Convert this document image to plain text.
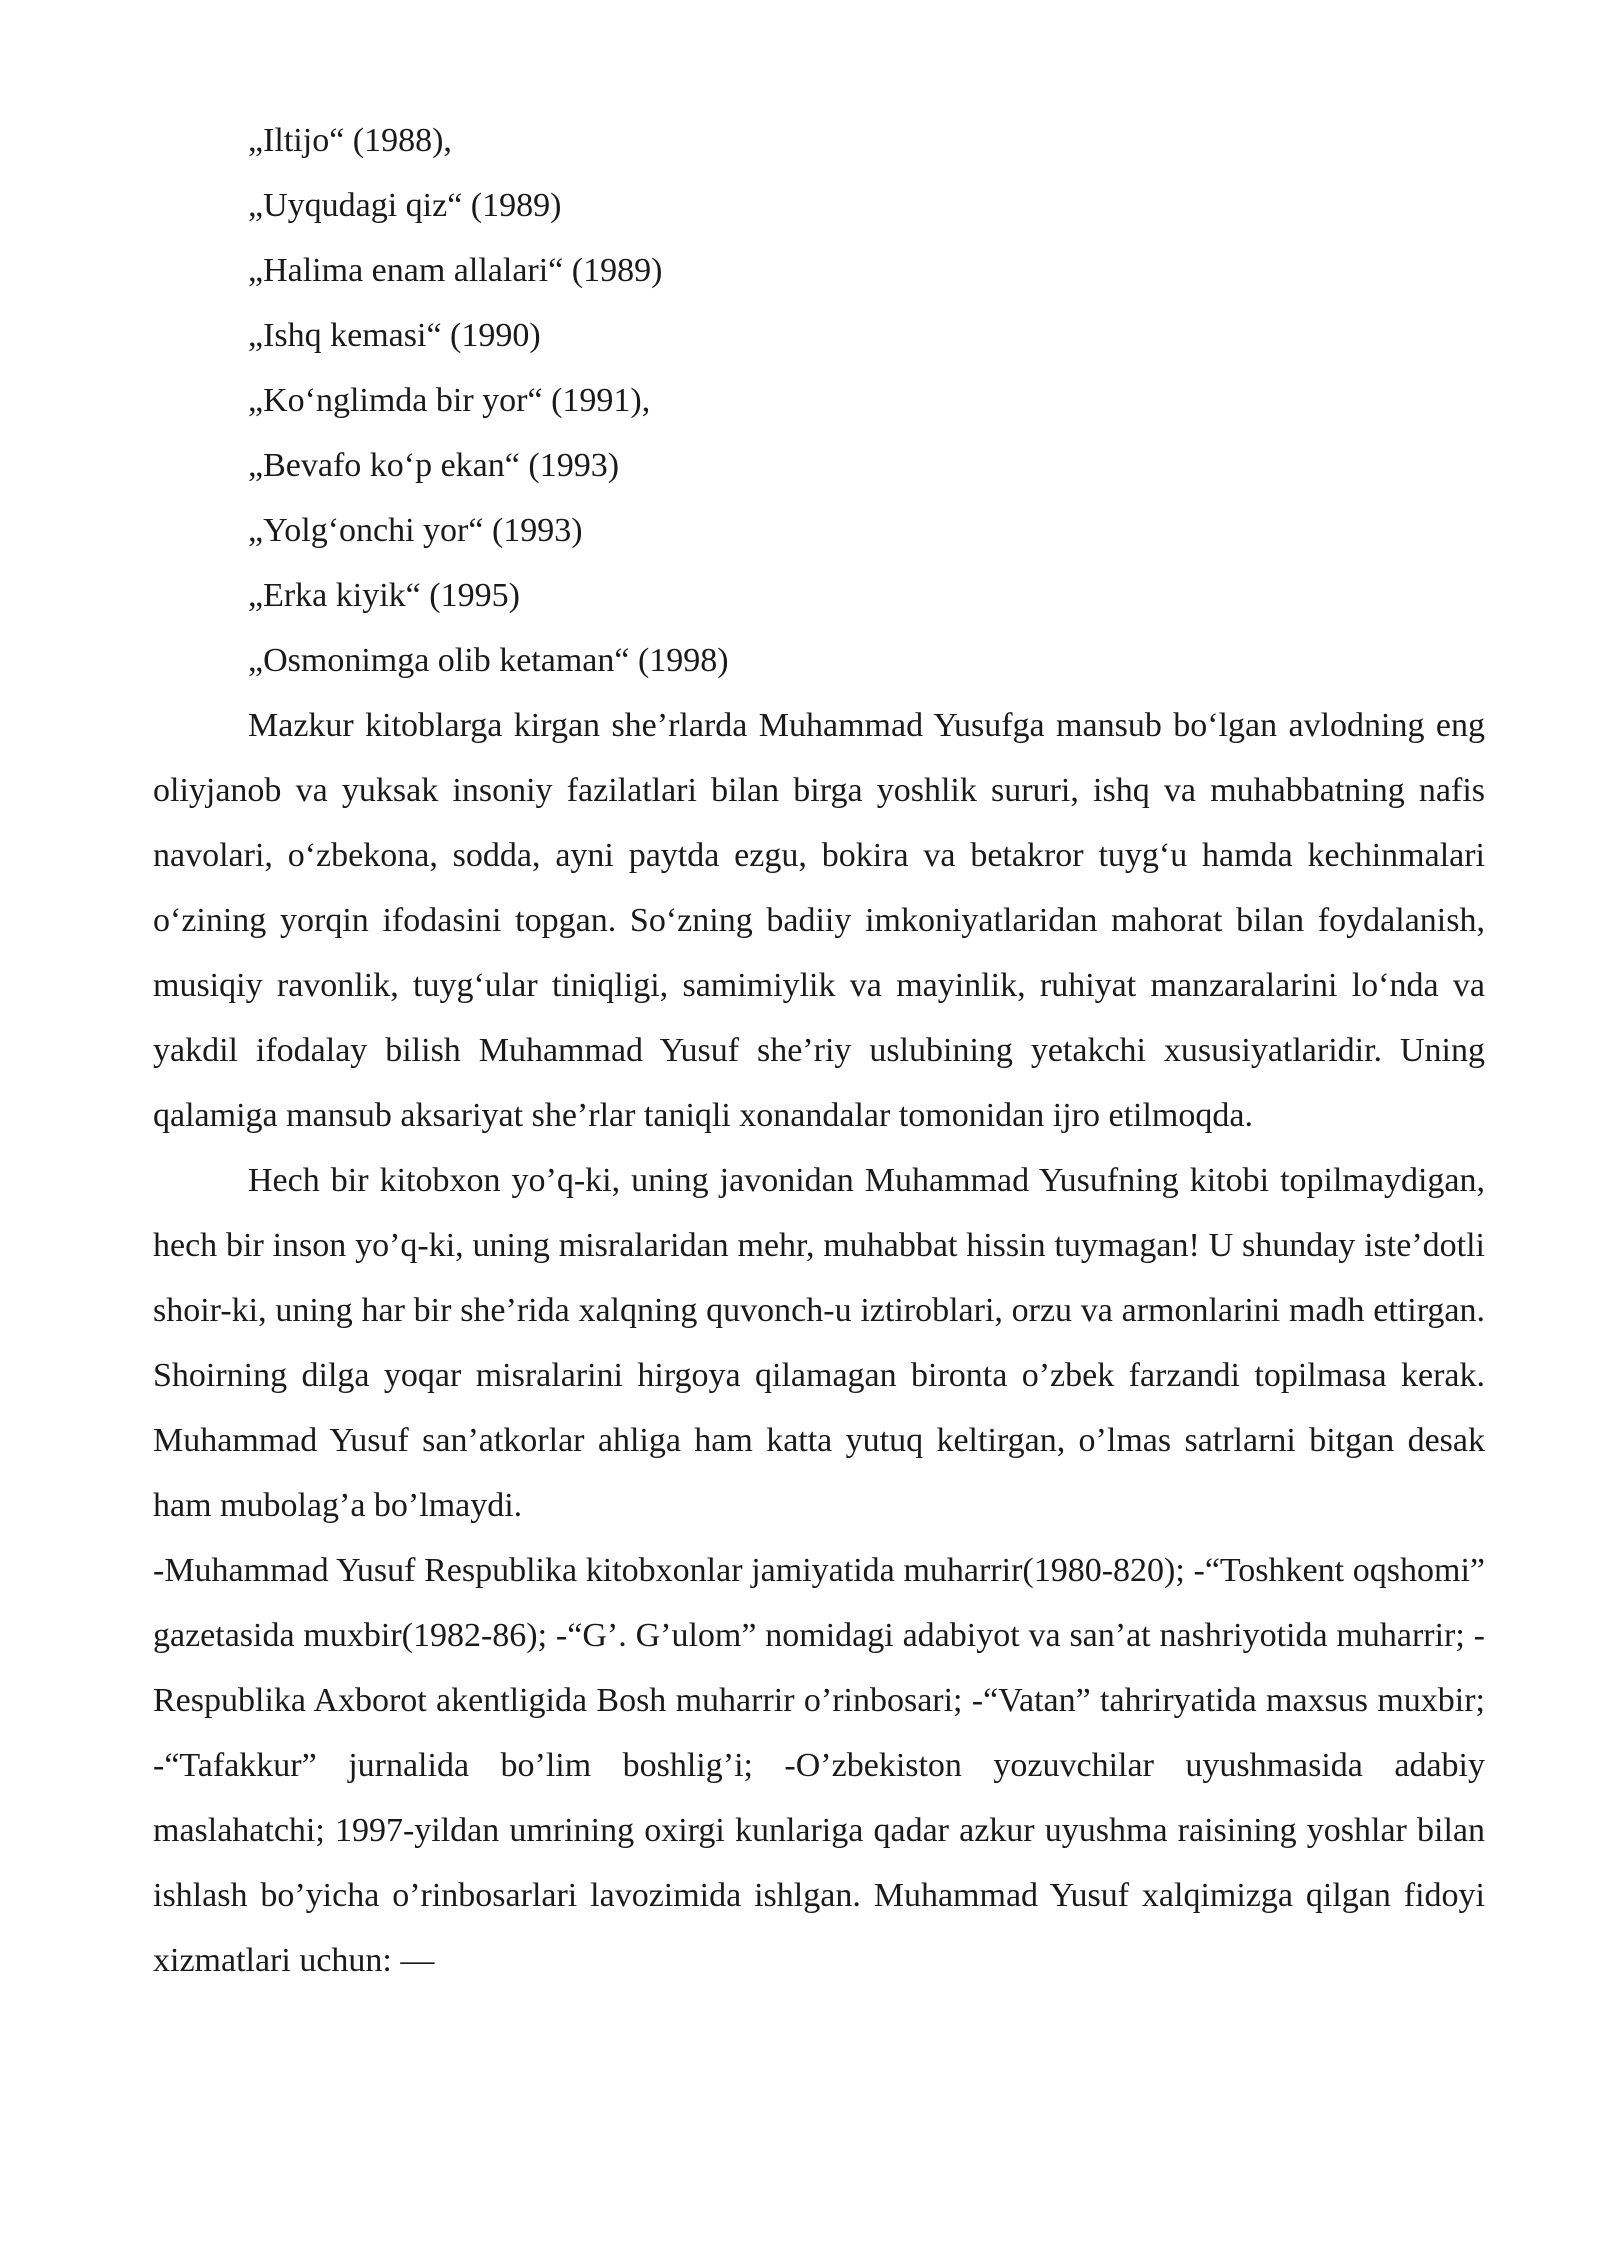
„Iltijo“ (1988),
„Uyqudagi qiz“ (1989)
„Halima enam allalari“ (1989)
„Ishq kemasi“ (1990)
„Koʻnglimda bir yor“ (1991),
„Bevafo koʻp ekan“ (1993)
„Yolgʻonchi yor“ (1993)
„Erka kiyik“ (1995)
„Osmonimga olib ketaman“ (1998)

Mazkur kitoblarga kirgan she’rlarda Muhammad Yusufga mansub boʻlgan avlodning eng oliyjanob va yuksak insoniy fazilatlari bilan birga yoshlik sururi, ishq va muhabbatning nafis navolari, oʻzbekona, sodda, ayni paytda ezgu, bokira va betakror tuygʻu hamda kechinmalari oʻzining yorqin ifodasini topgan. Soʻzning badiiy imkoniyatlaridan mahorat bilan foydalanish, musiqiy ravonlik, tuygʻular tiniqligi, samimiylik va mayinlik, ruhiyat manzaralarini loʻnda va yakdil ifodalay bilish Muhammad Yusuf she’riy uslubining yetakchi xususiyatlaridir. Uning qalamiga mansub aksariyat she’rlar taniqli xonandalar tomonidan ijro etilmoqda.

Hech bir kitobxon yo’q-ki, uning javonidan Muhammad Yusufning kitobi topilmaydigan, hech bir inson yo’q-ki, uning misralaridan mehr, muhabbat hissin tuymagan! U shunday iste’dotli shoir-ki, uning har bir she’rida xalqning quvonch-u iztiroblari, orzu va armonlarini madh ettirgan. Shoirning dilga yoqar misralarini hirgoya qilamagan bironta o’zbek farzandi topilmasa kerak. Muhammad Yusuf san’atkorlar ahliga ham katta yutuq keltirgan, o’lmas satrlarni bitgan desak ham mubolag’a bo’lmaydi.

-Muhammad Yusuf Respublika kitobxonlar jamiyatida muharrir(1980-820); -“Toshkent oqshomi” gazetasida muxbir(1982-86); -“G’. G’ulom” nomidagi adabiyot va san’at nashriyotida muharrir; -Respublika Axborot akentligida Bosh muharrir o’rinbosari; -“Vatan” tahriryatida maxsus muxbir; -“Tafakkur” jurnalida bo’lim boshlig’i; -O’zbekiston yozuvchilar uyushmasida adabiy maslahatchi; 1997-yildan umrining oxirgi kunlariga qadar azkur uyushma raisining yoshlar bilan ishlash bo’yicha o’rinbosarlari lavozimida ishlgan. Muhammad Yusuf xalqimizga qilgan fidoyi xizmatlari uchun: —
